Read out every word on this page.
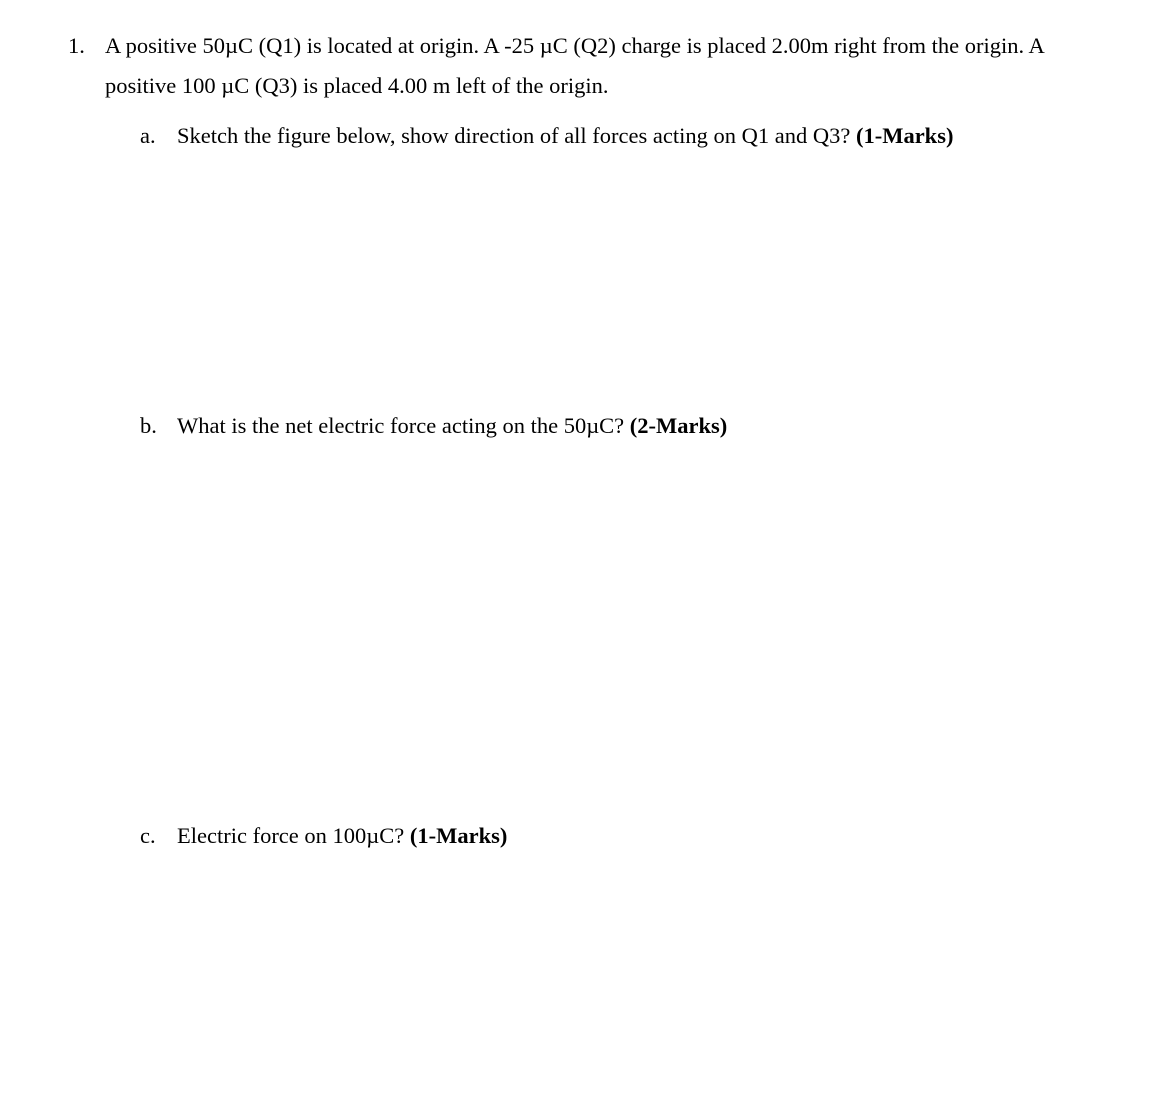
1. A positive 50µC (Q1) is located at origin. A -25 µC (Q2) charge is placed 2.00m right from the origin. A
positive 100 µC (Q3) is placed 4.00 m left of the origin.
a. Sketch the figure below, show direction of all forces acting on Q1 and Q3? (1-Marks)
b. What is the net electric force acting on the 50µC? (2-Marks)
c. Electric force on 100µC? (1-Marks)
